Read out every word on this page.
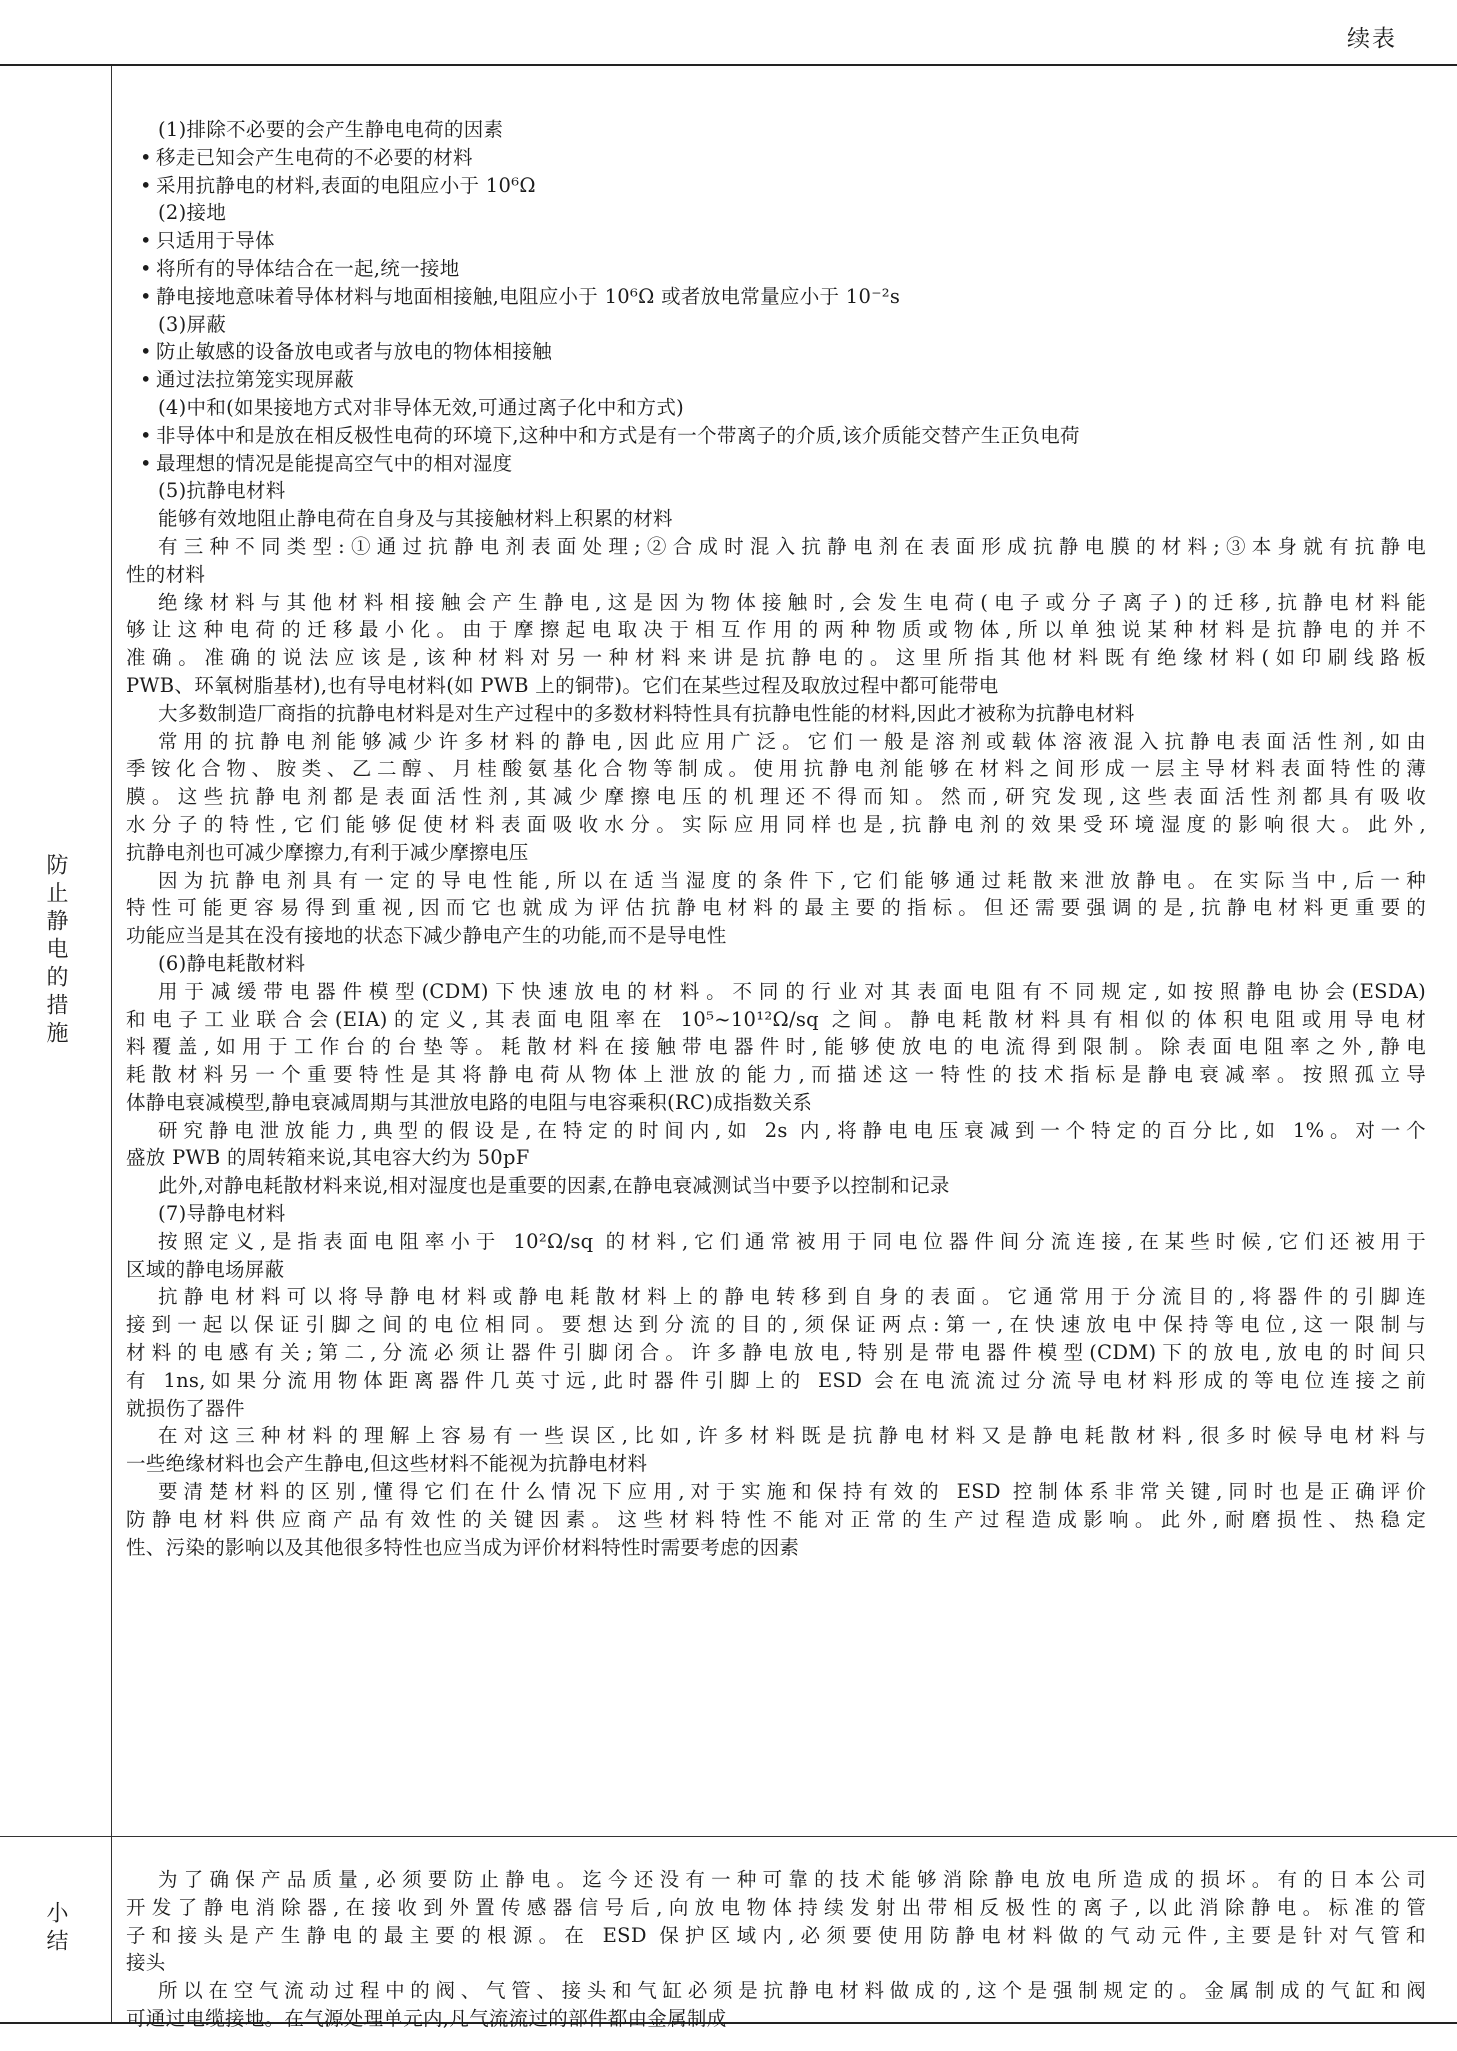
续表
防止静电的措施
小结
(1)排除不必要的会产生静电电荷的因素
• 移走已知会产生电荷的不必要的材料
• 采用抗静电的材料,表面的电阻应小于 10⁶Ω
(2)接地
• 只适用于导体
• 将所有的导体结合在一起,统一接地
• 静电接地意味着导体材料与地面相接触,电阻应小于 10⁶Ω 或者放电常量应小于 10⁻²s
(3)屏蔽
• 防止敏感的设备放电或者与放电的物体相接触
• 通过法拉第笼实现屏蔽
(4)中和(如果接地方式对非导体无效,可通过离子化中和方式)
• 非导体中和是放在相反极性电荷的环境下,这种中和方式是有一个带离子的介质,该介质能交替产生正负电荷
• 最理想的情况是能提高空气中的相对湿度
(5)抗静电材料
能够有效地阻止静电荷在自身及与其接触材料上积累的材料
有三种不同类型:①通过抗静电剂表面处理;②合成时混入抗静电剂在表面形成抗静电膜的材料;③本身就有抗静电
性的材料
绝缘材料与其他材料相接触会产生静电,这是因为物体接触时,会发生电荷(电子或分子离子)的迁移,抗静电材料能
够让这种电荷的迁移最小化。由于摩擦起电取决于相互作用的两种物质或物体,所以单独说某种材料是抗静电的并不
准确。准确的说法应该是,该种材料对另一种材料来讲是抗静电的。这里所指其他材料既有绝缘材料(如印刷线路板
PWB、环氧树脂基材),也有导电材料(如 PWB 上的铜带)。它们在某些过程及取放过程中都可能带电
大多数制造厂商指的抗静电材料是对生产过程中的多数材料特性具有抗静电性能的材料,因此才被称为抗静电材料
常用的抗静电剂能够减少许多材料的静电,因此应用广泛。它们一般是溶剂或载体溶液混入抗静电表面活性剂,如由
季铵化合物、胺类、乙二醇、月桂酸氨基化合物等制成。使用抗静电剂能够在材料之间形成一层主导材料表面特性的薄
膜。这些抗静电剂都是表面活性剂,其减少摩擦电压的机理还不得而知。然而,研究发现,这些表面活性剂都具有吸收
水分子的特性,它们能够促使材料表面吸收水分。实际应用同样也是,抗静电剂的效果受环境湿度的影响很大。此外,
抗静电剂也可减少摩擦力,有利于减少摩擦电压
因为抗静电剂具有一定的导电性能,所以在适当湿度的条件下,它们能够通过耗散来泄放静电。在实际当中,后一种
特性可能更容易得到重视,因而它也就成为评估抗静电材料的最主要的指标。但还需要强调的是,抗静电材料更重要的
功能应当是其在没有接地的状态下减少静电产生的功能,而不是导电性
(6)静电耗散材料
用于减缓带电器件模型(CDM)下快速放电的材料。不同的行业对其表面电阻有不同规定,如按照静电协会(ESDA)
和电子工业联合会(EIA)的定义,其表面电阻率在 10⁵~10¹²Ω/sq 之间。静电耗散材料具有相似的体积电阻或用导电材
料覆盖,如用于工作台的台垫等。耗散材料在接触带电器件时,能够使放电的电流得到限制。除表面电阻率之外,静电
耗散材料另一个重要特性是其将静电荷从物体上泄放的能力,而描述这一特性的技术指标是静电衰减率。按照孤立导
体静电衰减模型,静电衰减周期与其泄放电路的电阻与电容乘积(RC)成指数关系
研究静电泄放能力,典型的假设是,在特定的时间内,如 2s 内,将静电电压衰减到一个特定的百分比,如 1%。对一个
盛放 PWB 的周转箱来说,其电容大约为 50pF
此外,对静电耗散材料来说,相对湿度也是重要的因素,在静电衰减测试当中要予以控制和记录
(7)导静电材料
按照定义,是指表面电阻率小于 10²Ω/sq 的材料,它们通常被用于同电位器件间分流连接,在某些时候,它们还被用于
区域的静电场屏蔽
抗静电材料可以将导静电材料或静电耗散材料上的静电转移到自身的表面。它通常用于分流目的,将器件的引脚连
接到一起以保证引脚之间的电位相同。要想达到分流的目的,须保证两点:第一,在快速放电中保持等电位,这一限制与
材料的电感有关;第二,分流必须让器件引脚闭合。许多静电放电,特别是带电器件模型(CDM)下的放电,放电的时间只
有 1ns,如果分流用物体距离器件几英寸远,此时器件引脚上的 ESD 会在电流流过分流导电材料形成的等电位连接之前
就损伤了器件
在对这三种材料的理解上容易有一些误区,比如,许多材料既是抗静电材料又是静电耗散材料,很多时候导电材料与
一些绝缘材料也会产生静电,但这些材料不能视为抗静电材料
要清楚材料的区别,懂得它们在什么情况下应用,对于实施和保持有效的 ESD 控制体系非常关键,同时也是正确评价
防静电材料供应商产品有效性的关键因素。这些材料特性不能对正常的生产过程造成影响。此外,耐磨损性、热稳定
性、污染的影响以及其他很多特性也应当成为评价材料特性时需要考虑的因素
为了确保产品质量,必须要防止静电。迄今还没有一种可靠的技术能够消除静电放电所造成的损坏。有的日本公司
开发了静电消除器,在接收到外置传感器信号后,向放电物体持续发射出带相反极性的离子,以此消除静电。标准的管
子和接头是产生静电的最主要的根源。在 ESD 保护区域内,必须要使用防静电材料做的气动元件,主要是针对气管和
接头
所以在空气流动过程中的阀、气管、接头和气缸必须是抗静电材料做成的,这个是强制规定的。金属制成的气缸和阀
可通过电缆接地。在气源处理单元内,凡气流流过的部件都由金属制成
